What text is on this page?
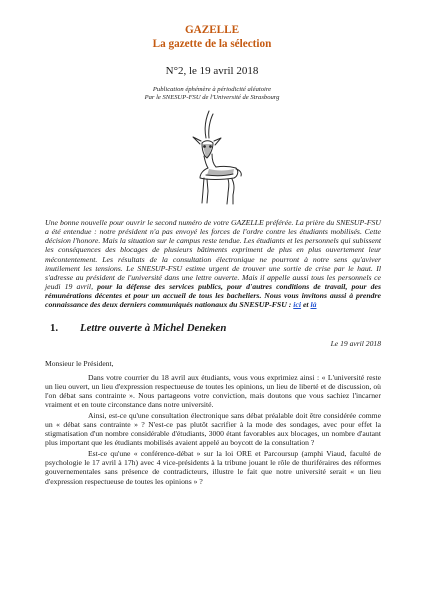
GAZELLE
La gazette de la sélection
N°2, le 19 avril 2018
Publication éphémère à périodicité aléatoire
Par le SNESUP-FSU de l'Université de Strasbourg
Une bonne nouvelle pour ouvrir le second numéro de votre GAZELLE préférée. La prière du SNESUP-FSU a été entendue : notre président n'a pas envoyé les forces de l'ordre contre les étudiants mobilisés. Cette décision l'honore. Mais la situation sur le campus reste tendue. Les étudiants et les personnels qui subissent les conséquences des blocages de plusieurs bâtiments expriment de plus en plus ouvertement leur mécontentement. Les résultats de la consultation électronique ne pourront à notre sens qu'aviver inutilement les tensions. Le SNESUP-FSU estime urgent de trouver une sortie de crise par le haut. Il s'adresse au président de l'université dans une lettre ouverte. Mais il appelle aussi tous les personnels ce jeudi 19 avril, pour la défense des services publics, pour d'autres conditions de travail, pour des rémunérations décentes et pour un accueil de tous les bacheliers. Nous vous invitons aussi à prendre connaissance des deux derniers communiqués nationaux du SNESUP-FSU : ici et là
1. Lettre ouverte à Michel Deneken
Le 19 avril 2018
Monsieur le Président,

Dans votre courrier du 18 avril aux étudiants, vous vous exprimiez ainsi : « L'université reste un lieu ouvert, un lieu d'expression respectueuse de toutes les opinions, un lieu de liberté et de discussion, où l'on débat sans contrainte ». Nous partageons votre conviction, mais doutons que vous sachiez l'incarner vraiment et en toute circonstance dans notre université.

Ainsi, est-ce qu'une consultation électronique sans débat préalable doit être considérée comme un « débat sans contrainte » ? N'est-ce pas plutôt sacrifier à la mode des sondages, avec pour effet la stigmatisation d'un nombre considérable d'étudiants, 3000 étant favorables aux blocages, un nombre d'autant plus important que les étudiants mobilisés avaient appelé au boycott de la consultation ?

Est-ce qu'une « conférence-débat » sur la loi ORE et Parcoursup (amphi Viaud, faculté de psychologie le 17 avril à 17h) avec 4 vice-présidents à la tribune jouant le rôle de thuriféraires des réformes gouvernementales sans présence de contradicteurs, illustre le fait que notre université serait « un lieu d'expression respectueuse de toutes les opinions » ?
